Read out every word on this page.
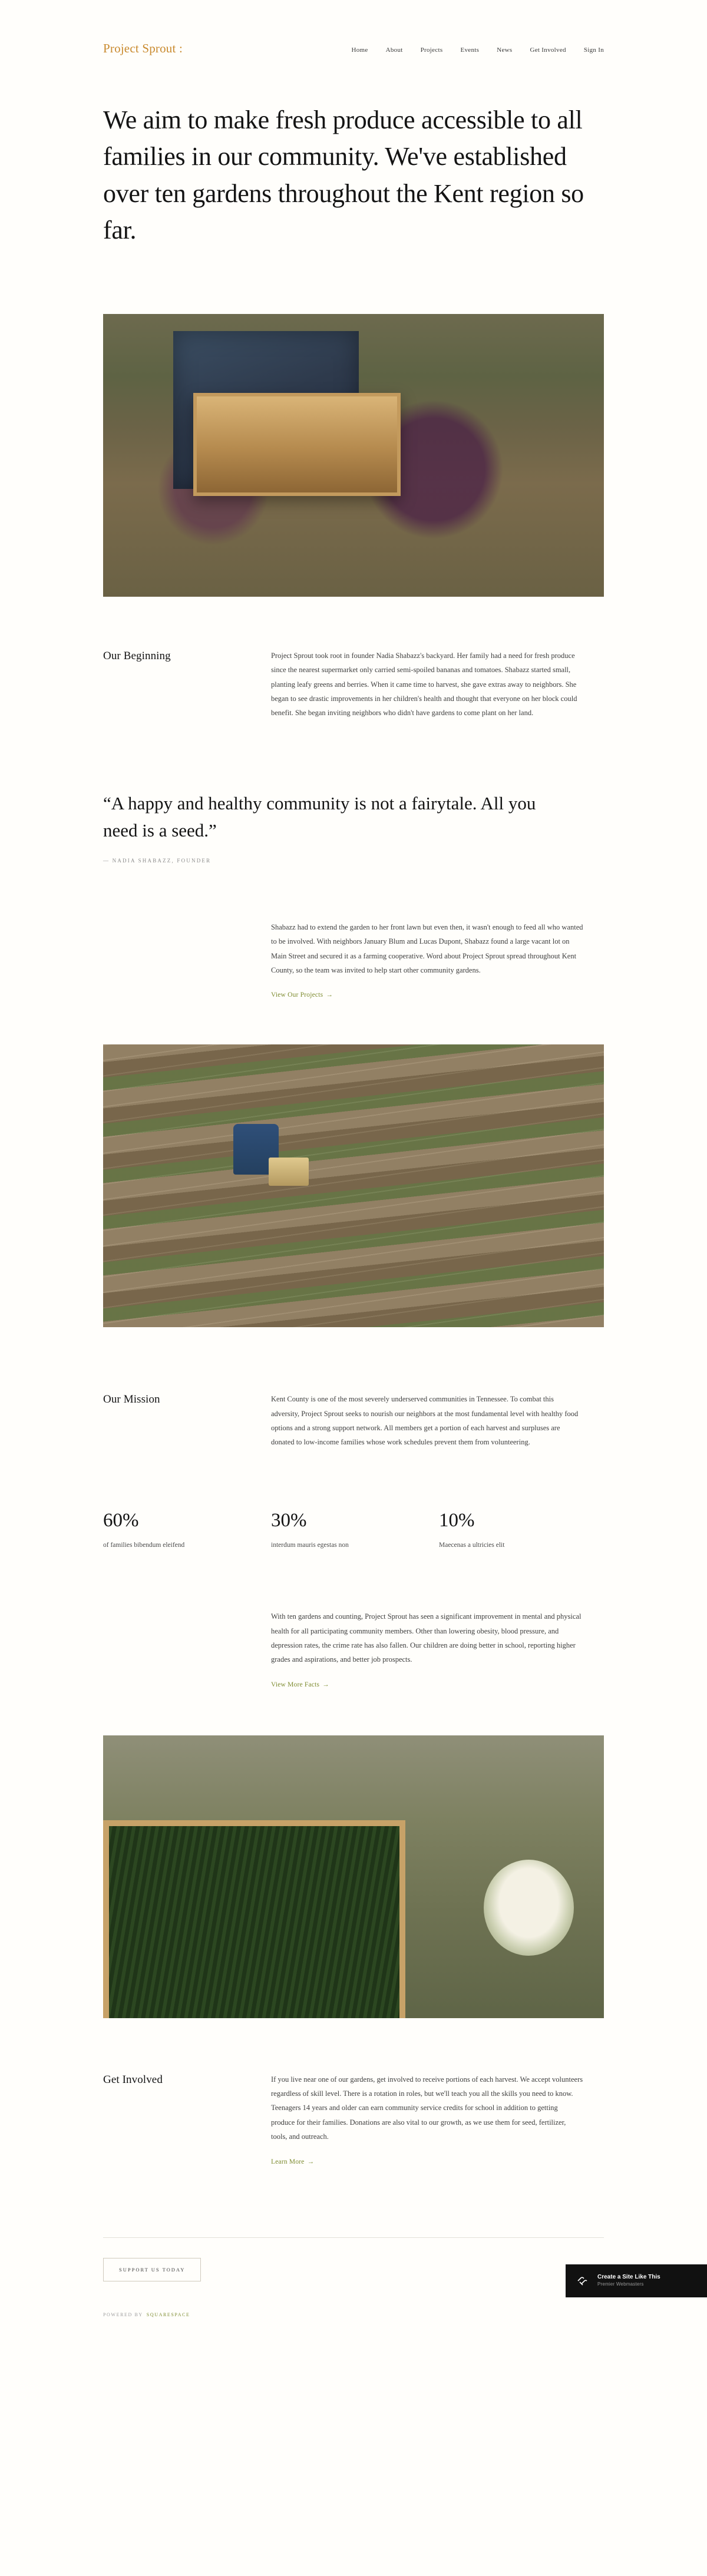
Project Sprout :	Home	About	Projects	Events	News	Get Involved	Sign In
We aim to make fresh produce accessible to all families in our community. We've established over ten gardens throughout the Kent region so far.
Our Beginning	Project Sprout took root in founder Nadia Shabazz's backyard. Her family had a need for fresh produce since the nearest supermarket only carried semi-spoiled bananas and tomatoes. Shabazz started small, planting leafy greens and berries. When it came time to harvest, she gave extras away to neighbors. She began to see drastic improvements in her children's health and thought that everyone on her block could benefit. She began inviting neighbors who didn't have gardens to come plant on her land.

“A happy and healthy community is not a fairytale. All you need is a seed.”
— NADIA SHABAZZ, FOUNDER

Shabazz had to extend the garden to her front lawn but even then, it wasn't enough to feed all who wanted to be involved. With neighbors January Blum and Lucas Dupont, Shabazz found a large vacant lot on Main Street and secured it as a farming cooperative. Word about Project Sprout spread throughout Kent County, so the team was invited to help start other community gardens.

View Our Projects →
Our Mission	Kent County is one of the most severely underserved communities in Tennessee. To combat this adversity, Project Sprout seeks to nourish our neighbors at the most fundamental level with healthy food options and a strong support network. All members get a portion of each harvest and surpluses are donated to low-income families whose work schedules prevent them from volunteering.

60%
of families bibendum eleifend
30%
interdum mauris egestas non
10%
Maecenas a ultricies elit

With ten gardens and counting, Project Sprout has seen a significant improvement in mental and physical health for all participating community members. Other than lowering obesity, blood pressure, and depression rates, the crime rate has also fallen. Our children are doing better in school, reporting higher grades and aspirations, and better job prospects.

View More Facts →
Get Involved	If you live near one of our gardens, get involved to receive portions of each harvest. We accept volunteers regardless of skill level. There is a rotation in roles, but we'll teach you all the skills you need to know. Teenagers 14 years and older can earn community service credits for school in addition to getting produce for their families. Donations are also vital to our growth, as we use them for seed, fertilizer, tools, and outreach.

Learn More →
SUPPORT US TODAY
POWERED BY SQUARESPACE
Create a Site Like This
Premier Webmasters
